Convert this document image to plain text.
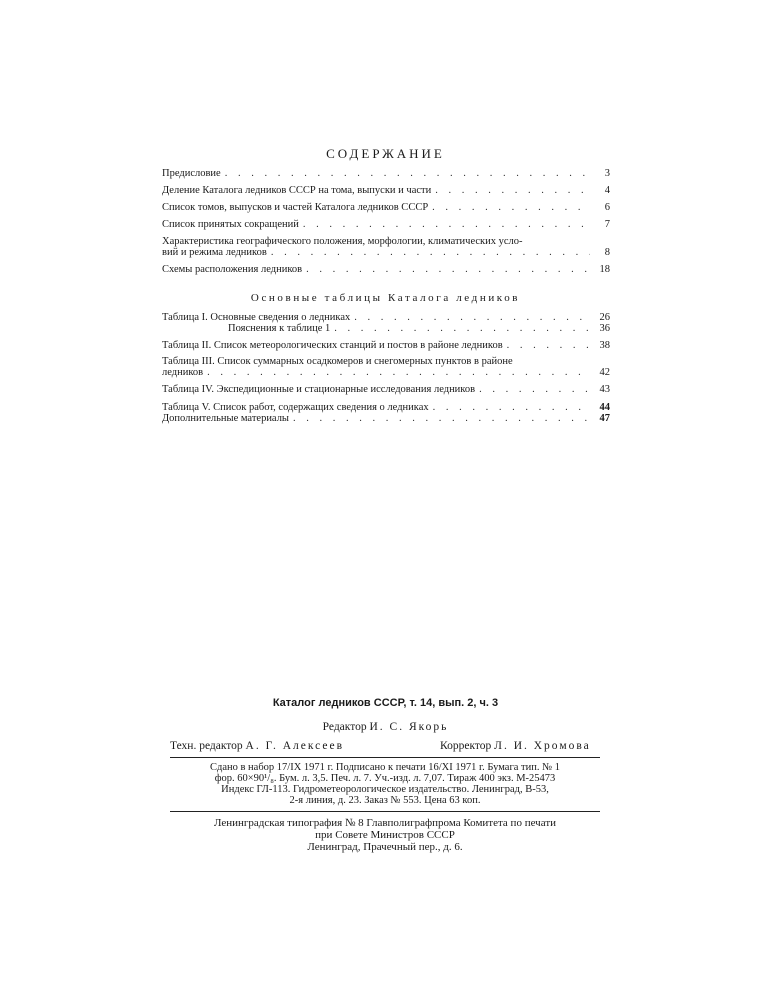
СОДЕРЖАНИЕ
Предисловие . . .	3
Деление Каталога ледников СССР на тома, выпуски и части . . .	4
Список томов, выпусков и частей Каталога ледников СССР . . .	6
Список принятых сокращений . . .	7
Характеристика географического положения, морфологии, климатических усло-
вий и режима ледников . . .	8
Схемы расположения ледников . . .	18
Основные таблицы Каталога ледников
Таблица I. Основные сведения о ледниках . . .	26
Пояснения к таблице 1 . . .	36
Таблица II. Список метеорологических станций и постов в районе ледников . . .	38
Таблица III. Список суммарных осадкомеров и снегомерных пунктов в районе
ледников . . .	42
Таблица IV. Экспедиционные и стационарные исследования ледников . . .	43
Таблица V. Список работ, содержащих сведения о ледниках . . .	44
Дополнительные материалы . . .	47
Каталог ледников СССР, т. 14, вып. 2, ч. 3
Редактор И. С. Якорь
Техн. редактор А. Г. Алексеев	Корректор Л. И. Хромова
Сдано в набор 17/IX 1971 г. Подписано к печати 16/XI 1971 г. Бумага тип. № 1
фор. 60×90¹/₈. Бум. л. 3,5. Печ. л. 7. Уч.-изд. л. 7,07. Тираж 400 экз. М-25473
Индекс ГЛ-113. Гидрометеорологическое издательство. Ленинград, В-53,
2-я линия, д. 23. Заказ № 553. Цена 63 коп.
Ленинградская типография № 8 Главполиграфпрома Комитета по печати
при Совете Министров СССР
Ленинград, Прачечный пер., д. 6.
